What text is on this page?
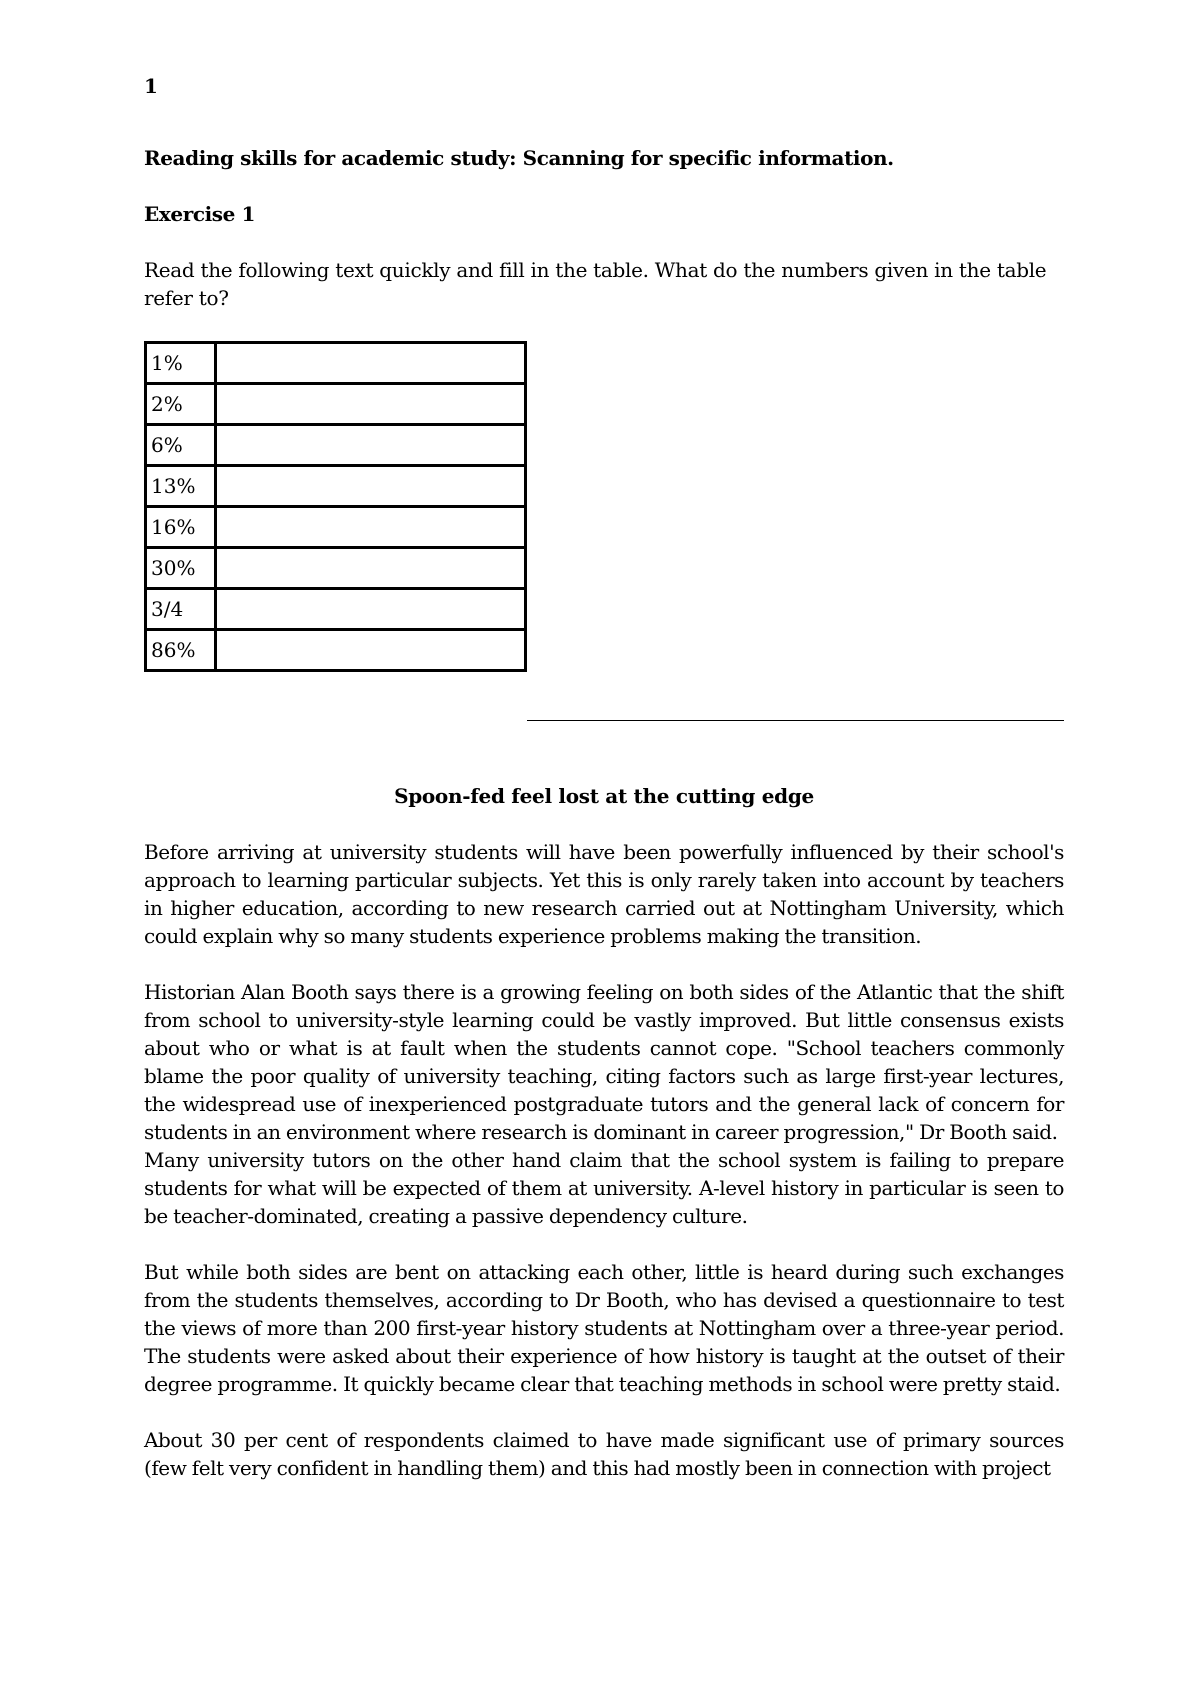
1
Reading skills for academic study: Scanning for specific information.
Exercise 1
Read the following text quickly and fill in the table. What do the numbers given in the table refer to?
1%	
2%	
6%	
13%	
16%	
30%	
3/4	
86%	
Spoon-fed feel lost at the cutting edge

Before arriving at university students will have been powerfully influenced by their school's approach to learning particular subjects. Yet this is only rarely taken into account by teachers in higher education, according to new research carried out at Nottingham University, which could explain why so many students experience problems making the transition.

Historian Alan Booth says there is a growing feeling on both sides of the Atlantic that the shift from school to university-style learning could be vastly improved. But little consensus exists about who or what is at fault when the students cannot cope. "School teachers commonly blame the poor quality of university teaching, citing factors such as large first-year lectures, the widespread use of inexperienced postgraduate tutors and the general lack of concern for students in an environment where research is dominant in career progression," Dr Booth said.

Many university tutors on the other hand claim that the school system is failing to prepare students for what will be expected of them at university. A-level history in particular is seen to be teacher-dominated, creating a passive dependency culture.

But while both sides are bent on attacking each other, little is heard during such exchanges from the students themselves, according to Dr Booth, who has devised a questionnaire to test the views of more than 200 first-year history students at Nottingham over a three-year period. The students were asked about their experience of how history is taught at the outset of their degree programme. It quickly became clear that teaching methods in school were pretty staid.

About 30 per cent of respondents claimed to have made significant use of primary sources (few felt very confident in handling them) and this had mostly been in connection with project
